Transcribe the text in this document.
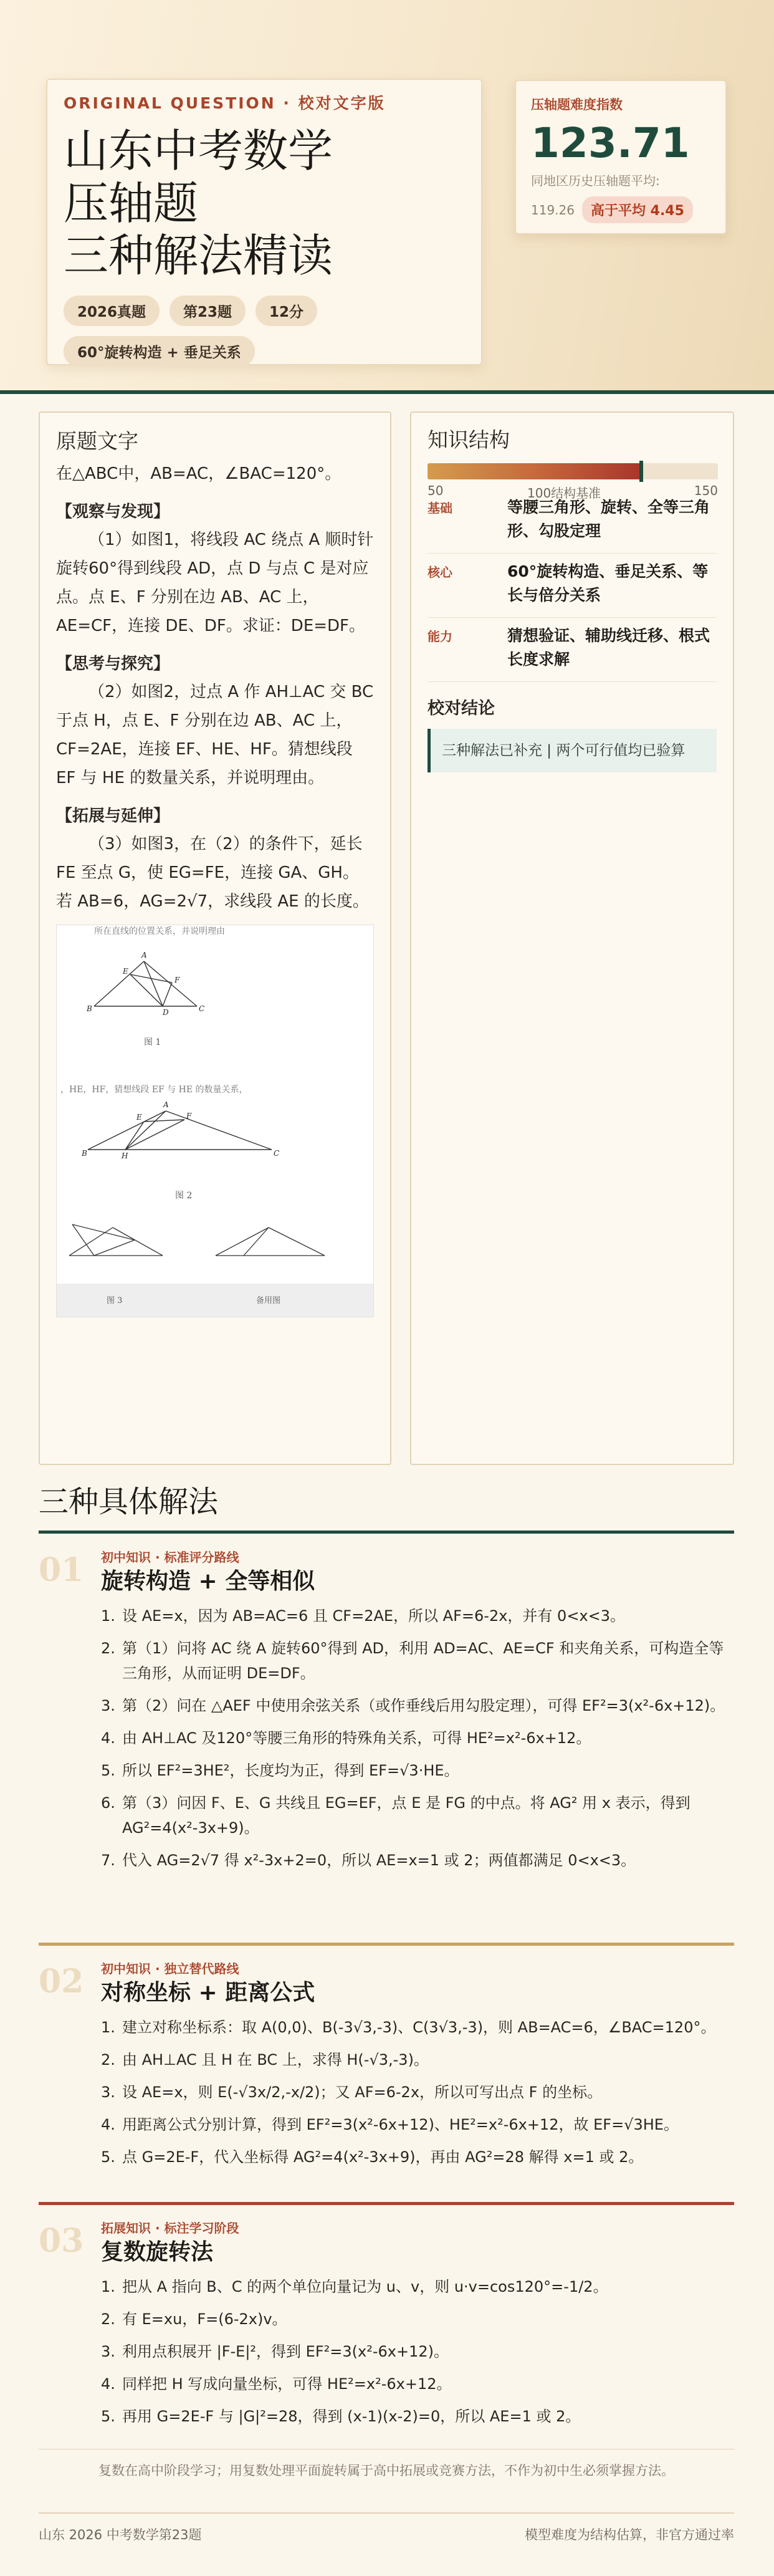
ORIGINAL QUESTION · 校对文字版
山东中考数学
压轴题
三种解法精读
2026真题	第23题	12分
60°旋转构造 + 垂足关系
压轴题难度指数
123.71
同地区历史压轴题平均:
119.26	高于平均 4.45
原题文字
在△ABC中，AB=AC，∠BAC=120°。
【观察与发现】
（1）如图1，将线段 AC 绕点 A 顺时针旋转60°得到线段 AD，点 D 与点 C 是对应点。点 E、F 分别在边 AB、AC 上，AE=CF，连接 DE、DF。求证：DE=DF。
【思考与探究】
（2）如图2，过点 A 作 AH⊥AC 交 BC 于点 H，点 E、F 分别在边 AB、AC 上，CF=2AE，连接 EF、HE、HF。猜想线段 EF 与 HE 的数量关系，并说明理由。
【拓展与延伸】
（3）如图3，在（2）的条件下，延长 FE 至点 G，使 EG=FE，连接 GA、GH。若 AB=6，AG=2√7，求线段 AE 的长度。
所在直线的位置关系，并说明理由
A
B	C
D
E
F
图 1
，HE，HF，猜想线段 EF 与 HE 的数量关系，
A
B	C
E	F
H
图 2
图 3	备用图
知识结构
50	100结构基准	150
基础	等腰三角形、旋转、全等三角形、勾股定理
核心	60°旋转构造、垂足关系、等长与倍分关系
能力	猜想验证、辅助线迁移、根式长度求解
校对结论
三种解法已补充 | 两个可行值均已验算
三种具体解法
01 初中知识 · 标准评分路线
旋转构造 + 全等相似
1. 设 AE=x，因为 AB=AC=6 且 CF=2AE，所以 AF=6-2x，并有 0<x<3。
2. 第（1）问将 AC 绕 A 旋转60°得到 AD，利用 AD=AC、AE=CF 和夹角关系，可构造全等三角形，从而证明 DE=DF。
3. 第（2）问在 △AEF 中使用余弦关系（或作垂线后用勾股定理），可得 EF²=3(x²-6x+12)。
4. 由 AH⊥AC 及120°等腰三角形的特殊角关系，可得 HE²=x²-6x+12。
5. 所以 EF²=3HE²，长度均为正，得到 EF=√3·HE。
6. 第（3）问因 F、E、G 共线且 EG=EF，点 E 是 FG 的中点。将 AG² 用 x 表示，得到 AG²=4(x²-3x+9)。
7. 代入 AG=2√7 得 x²-3x+2=0，所以 AE=x=1 或 2；两值都满足 0<x<3。
02 初中知识 · 独立替代路线
对称坐标 + 距离公式
1. 建立对称坐标系：取 A(0,0)、B(-3√3,-3)、C(3√3,-3)，则 AB=AC=6，∠BAC=120°。
2. 由 AH⊥AC 且 H 在 BC 上，求得 H(-√3,-3)。
3. 设 AE=x，则 E(-√3x/2,-x/2)；又 AF=6-2x，所以可写出点 F 的坐标。
4. 用距离公式分别计算，得到 EF²=3(x²-6x+12)、HE²=x²-6x+12，故 EF=√3HE。
5. 点 G=2E-F，代入坐标得 AG²=4(x²-3x+9)，再由 AG²=28 解得 x=1 或 2。
03 拓展知识 · 标注学习阶段
复数旋转法
1. 把从 A 指向 B、C 的两个单位向量记为 u、v，则 u·v=cos120°=-1/2。
2. 有 E=xu，F=(6-2x)v。
3. 利用点积展开 |F-E|²，得到 EF²=3(x²-6x+12)。
4. 同样把 H 写成向量坐标，可得 HE²=x²-6x+12。
5. 再用 G=2E-F 与 |G|²=28，得到 (x-1)(x-2)=0，所以 AE=1 或 2。
复数在高中阶段学习；用复数处理平面旋转属于高中拓展或竞赛方法，不作为初中生必须掌握方法。
山东 2026 中考数学第23题	模型难度为结构估算，非官方通过率
